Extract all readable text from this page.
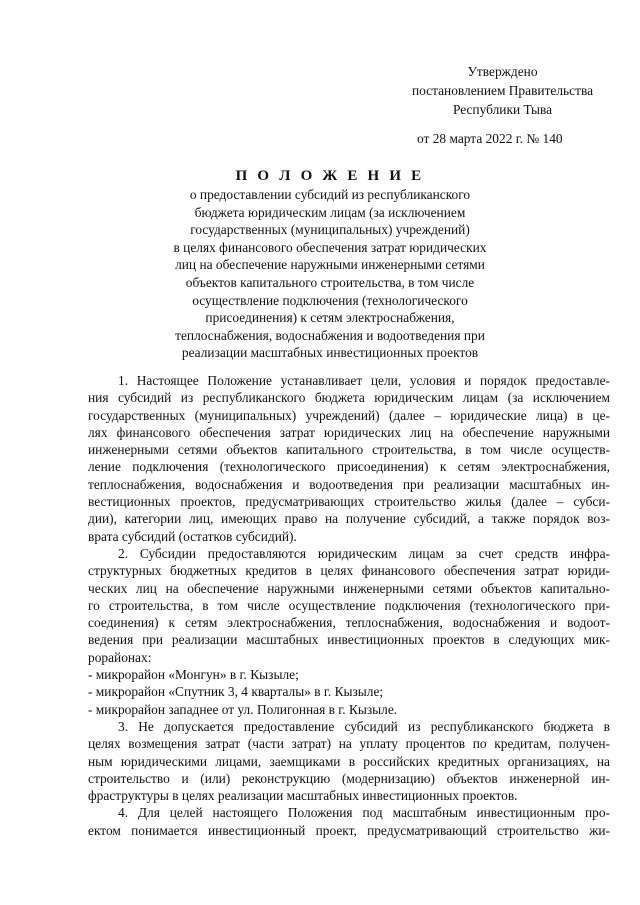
Утверждено
постановлением Правительства
Республики Тыва
от 28 марта 2022 г. № 140
П О Л О Ж Е Н И Е
о предоставлении субсидий из республиканского
бюджета юридическим лицам (за исключением
государственных (муниципальных) учреждений)
в целях финансового обеспечения затрат юридических
лиц на обеспечение наружными инженерными сетями
объектов капитального строительства, в том числе
осуществление подключения (технологического
присоединения) к сетям электроснабжения,
теплоснабжения, водоснабжения и водоотведения при
реализации масштабных инвестиционных проектов
1. Настоящее Положение устанавливает цели, условия и порядок предоставле-
ния субсидий из республиканского бюджета юридическим лицам (за исключением
государственных (муниципальных) учреждений) (далее – юридические лица) в це-
лях финансового обеспечения затрат юридических лиц на обеспечение наружными
инженерными сетями объектов капитального строительства, в том числе осуществ-
ление подключения (технологического присоединения) к сетям электроснабжения,
теплоснабжения, водоснабжения и водоотведения при реализации масштабных ин-
вестиционных проектов, предусматривающих строительство жилья (далее – субси-
дии), категории лиц, имеющих право на получение субсидий, а также порядок воз-
врата субсидий (остатков субсидий).
2. Субсидии предоставляются юридическим лицам за счет средств инфра-
структурных бюджетных кредитов в целях финансового обеспечения затрат юриди-
ческих лиц на обеспечение наружными инженерными сетями объектов капитально-
го строительства, в том числе осуществление подключения (технологического при-
соединения) к сетям электроснабжения, теплоснабжения, водоснабжения и водоот-
ведения при реализации масштабных инвестиционных проектов в следующих мик-
рорайонах:
- микрорайон «Монгун» в г. Кызыле;
- микрорайон «Спутник 3, 4 кварталы» в г. Кызыле;
- микрорайон западнее от ул. Полигонная в г. Кызыле.
3. Не допускается предоставление субсидий из республиканского бюджета в
целях возмещения затрат (части затрат) на уплату процентов по кредитам, получен-
ным юридическими лицами, заемщиками в российских кредитных организациях, на
строительство и (или) реконструкцию (модернизацию) объектов инженерной ин-
фраструктуры в целях реализации масштабных инвестиционных проектов.
4. Для целей настоящего Положения под масштабным инвестиционным про-
ектом понимается инвестиционный проект, предусматривающий строительство жи-
